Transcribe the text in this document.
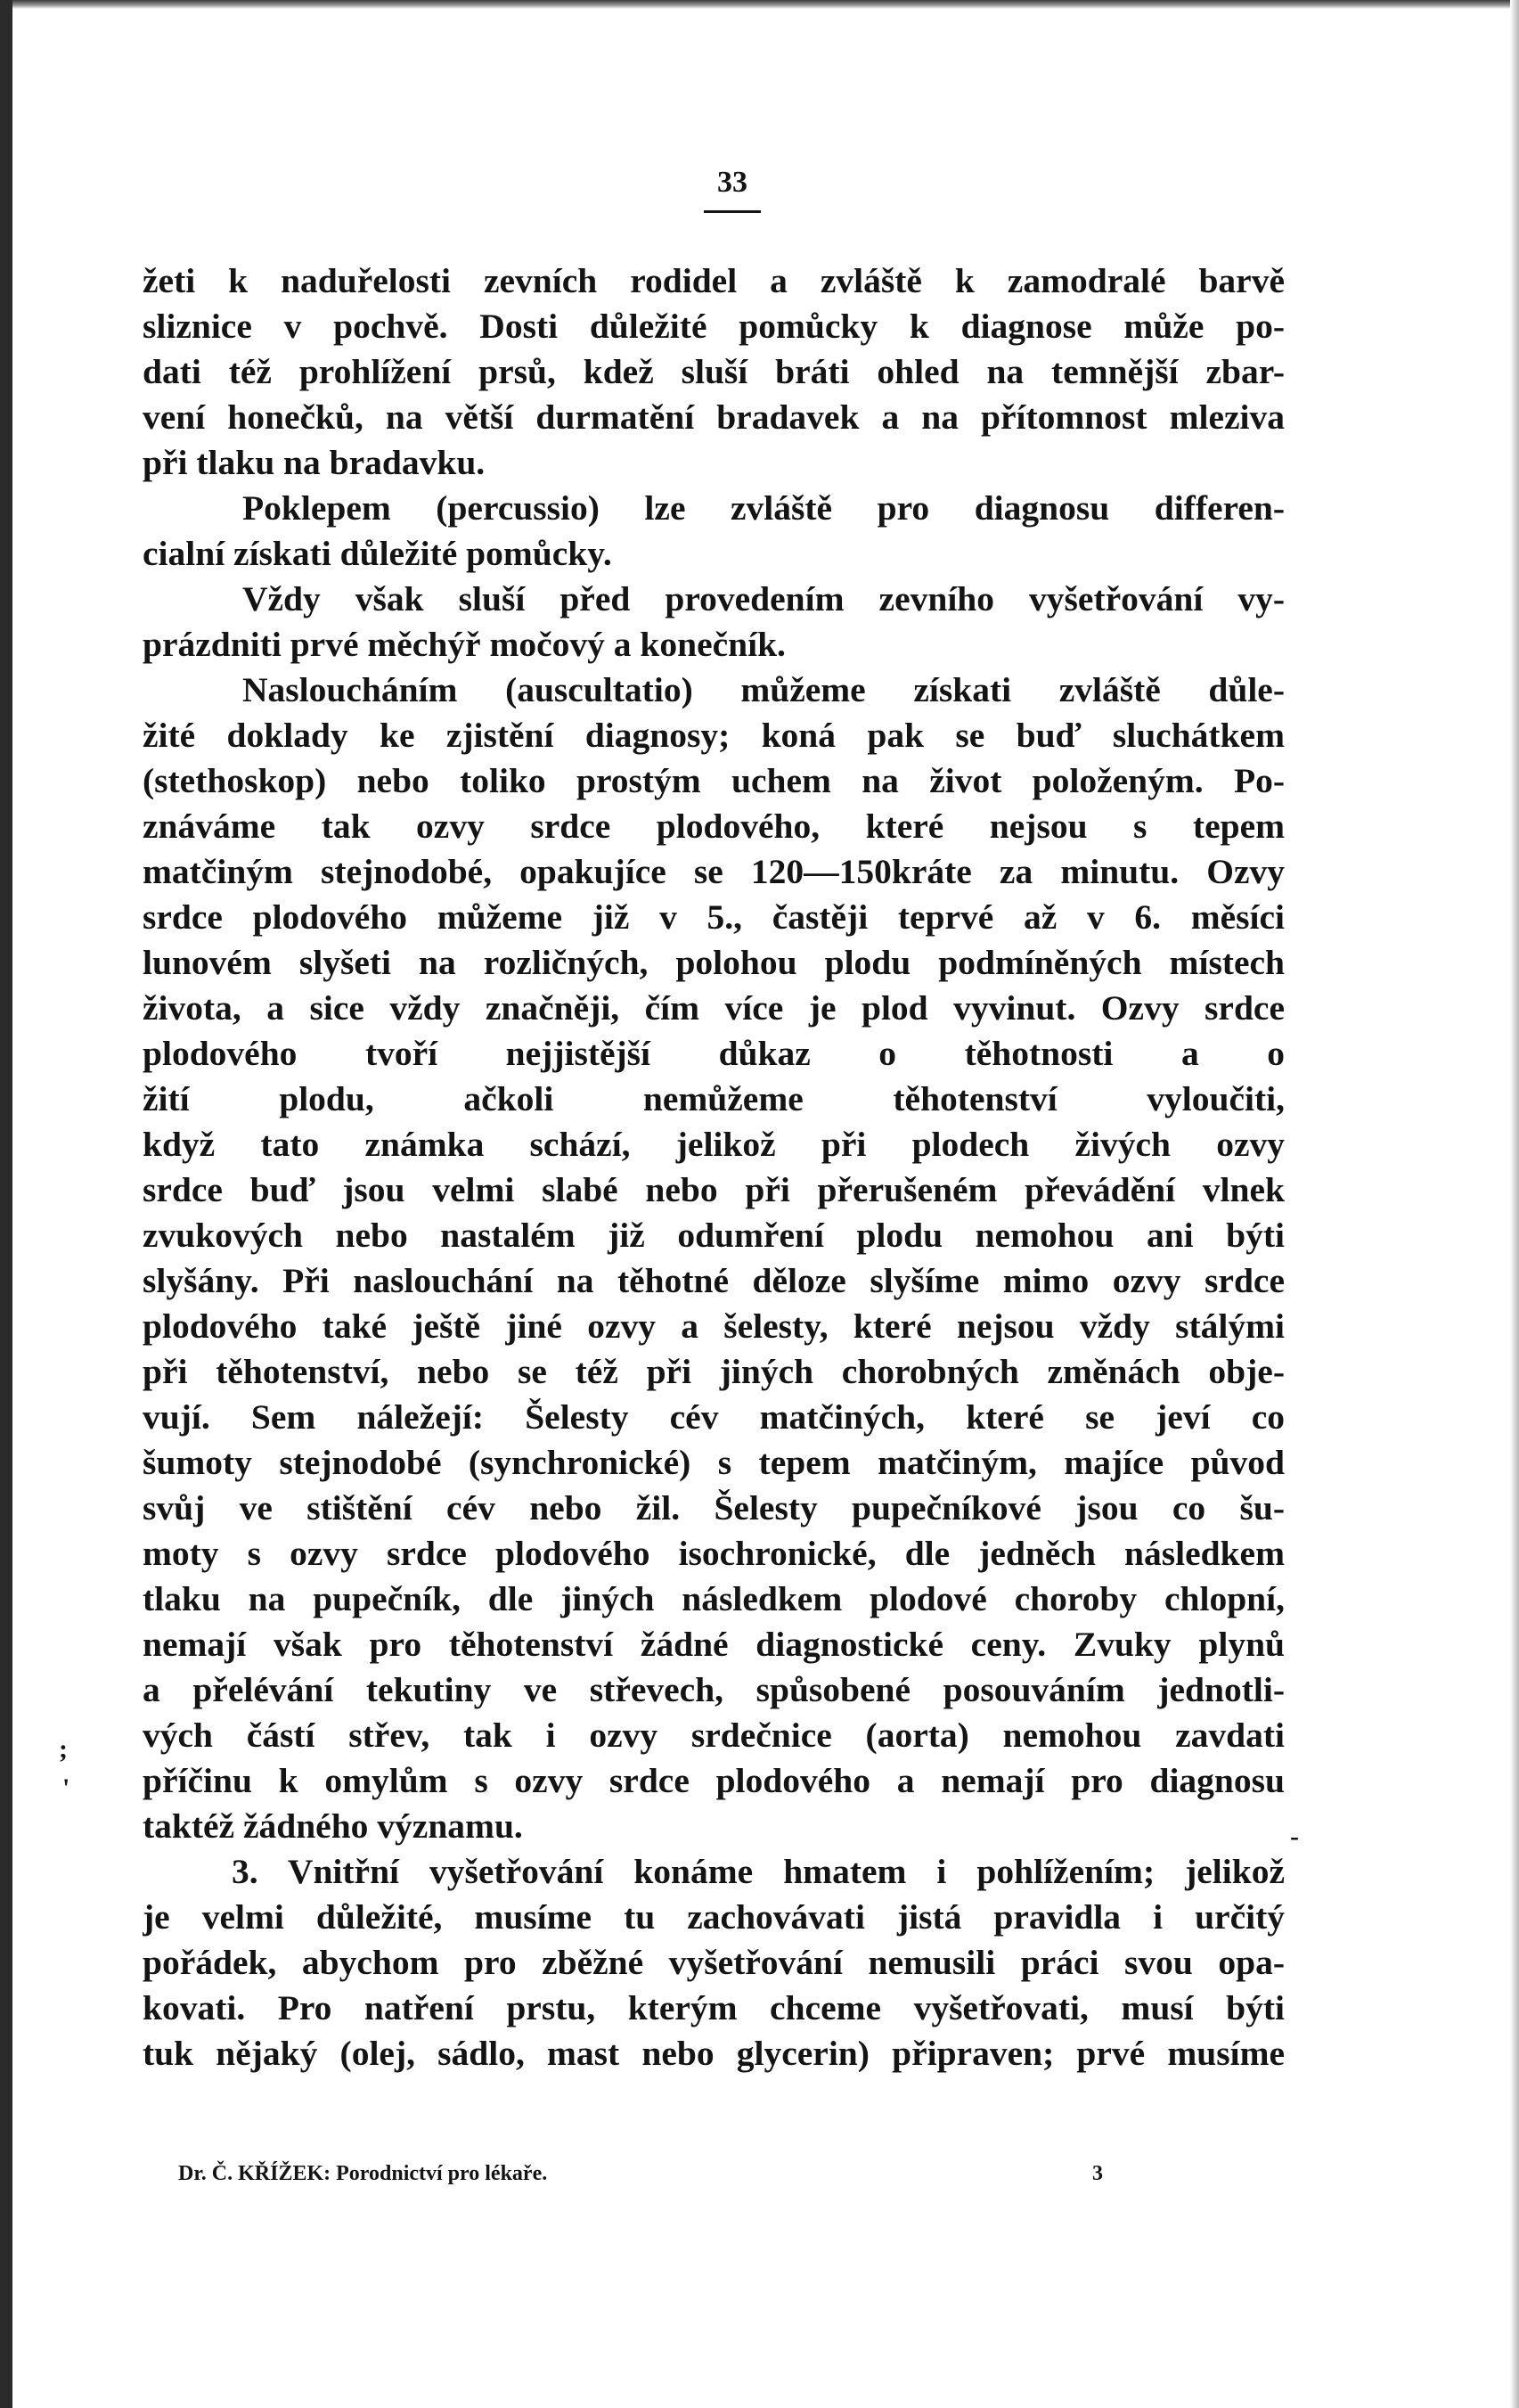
33
žeti k naduřelosti zevních rodidel a zvláště k zamodralé barvě
sliznice v pochvě. Dosti důležité pomůcky k diagnose může po-
dati též prohlížení prsů, kdež sluší bráti ohled na temnější zbar-
vení honečků, na větší durmatění bradavek a na přítomnost mleziva
při tlaku na bradavku.
Poklepem (percussio) lze zvláště pro diagnosu differen-
cialní získati důležité pomůcky.
Vždy však sluší před provedením zevního vyšetřování vy-
prázdniti prvé měchýř močový a konečník.
Nasloucháním (auscultatio) můžeme získati zvláště důle-
žité doklady ke zjistění diagnosy; koná pak se buď sluchátkem
(stethoskop) nebo toliko prostým uchem na život položeným. Po-
znáváme tak ozvy srdce plodového, které nejsou s tepem
matčiným stejnodobé, opakujíce se 120—150kráte za minutu. Ozvy
srdce plodového můžeme již v 5., častěji teprvé až v 6. měsíci
lunovém slyšeti na rozličných, polohou plodu podmíněných místech
života, a sice vždy značněji, čím více je plod vyvinut. Ozvy srdce
plodového tvoří nejjistější důkaz o těhotnosti a o
žití plodu, ačkoli nemůžeme těhotenství vyloučiti,
když tato známka schází, jelikož při plodech živých ozvy
srdce buď jsou velmi slabé nebo při přerušeném převádění vlnek
zvukových nebo nastalém již odumření plodu nemohou ani býti
slyšány. Při naslouchání na těhotné děloze slyšíme mimo ozvy srdce
plodového také ještě jiné ozvy a šelesty, které nejsou vždy stálými
při těhotenství, nebo se též při jiných chorobných změnách obje-
vují. Sem náležejí: Šelesty cév matčiných, které se jeví co
šumoty stejnodobé (synchronické) s tepem matčiným, majíce původ
svůj ve stištění cév nebo žil. Šelesty pupečníkové jsou co šu-
moty s ozvy srdce plodového isochronické, dle jedněch následkem
tlaku na pupečník, dle jiných následkem plodové choroby chlopní,
nemají však pro těhotenství žádné diagnostické ceny. Zvuky plynů
a přelévání tekutiny ve střevech, spůsobené posouváním jednotli-
vých částí střev, tak i ozvy srdečnice (aorta) nemohou zavdati
příčinu k omylům s ozvy srdce plodového a nemají pro diagnosu
taktéž žádného významu.
3. Vnitřní vyšetřování konáme hmatem i pohlížením; jelikož
je velmi důležité, musíme tu zachovávati jistá pravidla i určitý
pořádek, abychom pro zběžné vyšetřování nemusili práci svou opa-
kovati. Pro natření prstu, kterým chceme vyšetřovati, musí býti
tuk nějaký (olej, sádlo, mast nebo glycerin) připraven; prvé musíme
Dr. Č. KŘÍŽEK: Porodnictví pro lékaře.	3
;
'
-
